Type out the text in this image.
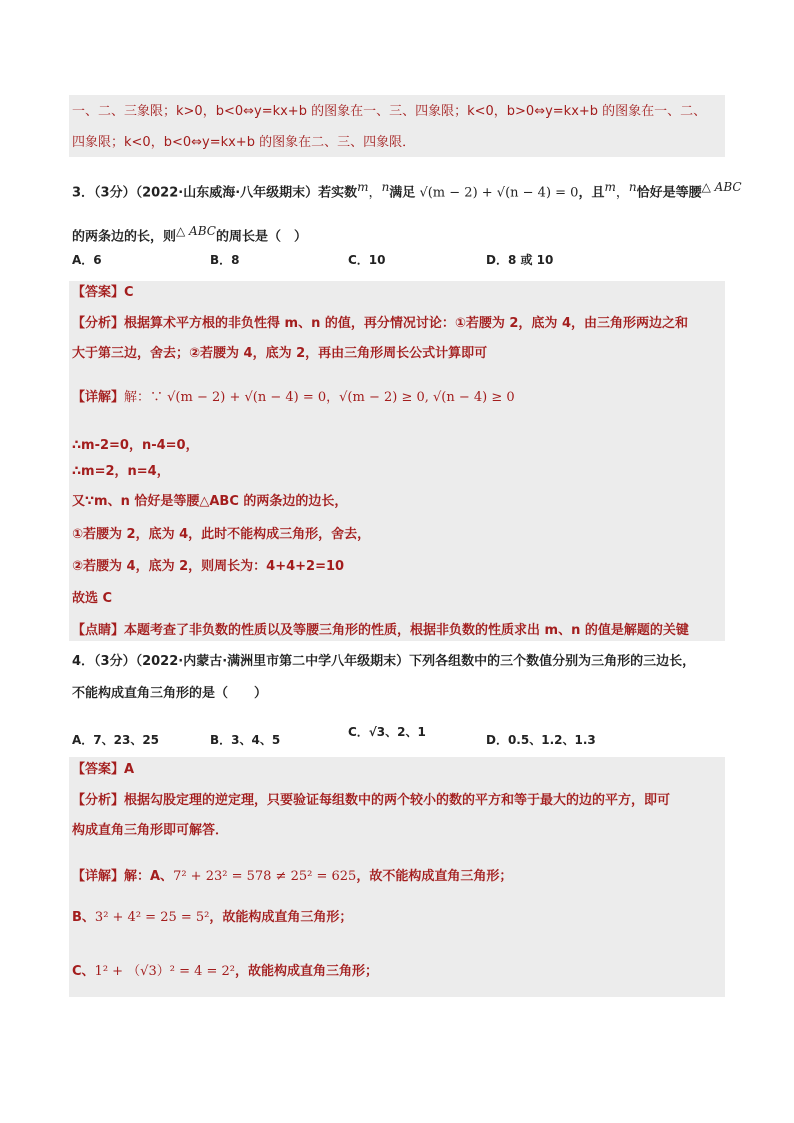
一、二、三象限；k>0，b<0⇔y=kx+b 的图象在一、三、四象限；k<0，b>0⇔y=kx+b 的图象在一、二、
四象限；k<0，b<0⇔y=kx+b 的图象在二、三、四象限．
3．（3分）（2022·山东威海·八年级期末）若实数$^m$，$^n$满足 √(m − 2) + √(n − 4) = 0，且$^m$，$^n$恰好是等腰$^{\triangle ABC}$
的两条边的长，则$^{\triangle ABC}$的周长是（　）
A．6	B．8	C．10	D．8 或 10
【答案】C
【分析】根据算术平方根的非负性得 m、n 的值，再分情况讨论：①若腰为 2，底为 4，由三角形两边之和
大于第三边，舍去；②若腰为 4，底为 2，再由三角形周长公式计算即可
【详解】解：∵ √(m − 2) + √(n − 4) = 0，√(m − 2) ≥ 0, √(n − 4) ≥ 0
∴m-2=0，n-4=0，
∴m=2，n=4，
又∵m、n 恰好是等腰△ABC 的两条边的边长，
①若腰为 2，底为 4，此时不能构成三角形，舍去，
②若腰为 4，底为 2，则周长为：4+4+2=10
故选 C
【点睛】本题考查了非负数的性质以及等腰三角形的性质，根据非负数的性质求出 m、n 的值是解题的关键
4．（3分）（2022·内蒙古·满洲里市第二中学八年级期末）下列各组数中的三个数值分别为三角形的三边长，
不能构成直角三角形的是（　　）
A．7、23、25	B．3、4、5
C．√3、2、1
D．0.5、1.2、1.3
【答案】A
【分析】根据勾股定理的逆定理，只要验证每组数中的两个较小的数的平方和等于最大的边的平方，即可
构成直角三角形即可解答．
【详解】解：A、7² + 23² = 578 ≠ 25² = 625，故不能构成直角三角形；
B、3² + 4² = 25 = 5²，故能构成直角三角形；
C、1² + （√3）² = 4 = 2²，故能构成直角三角形；
